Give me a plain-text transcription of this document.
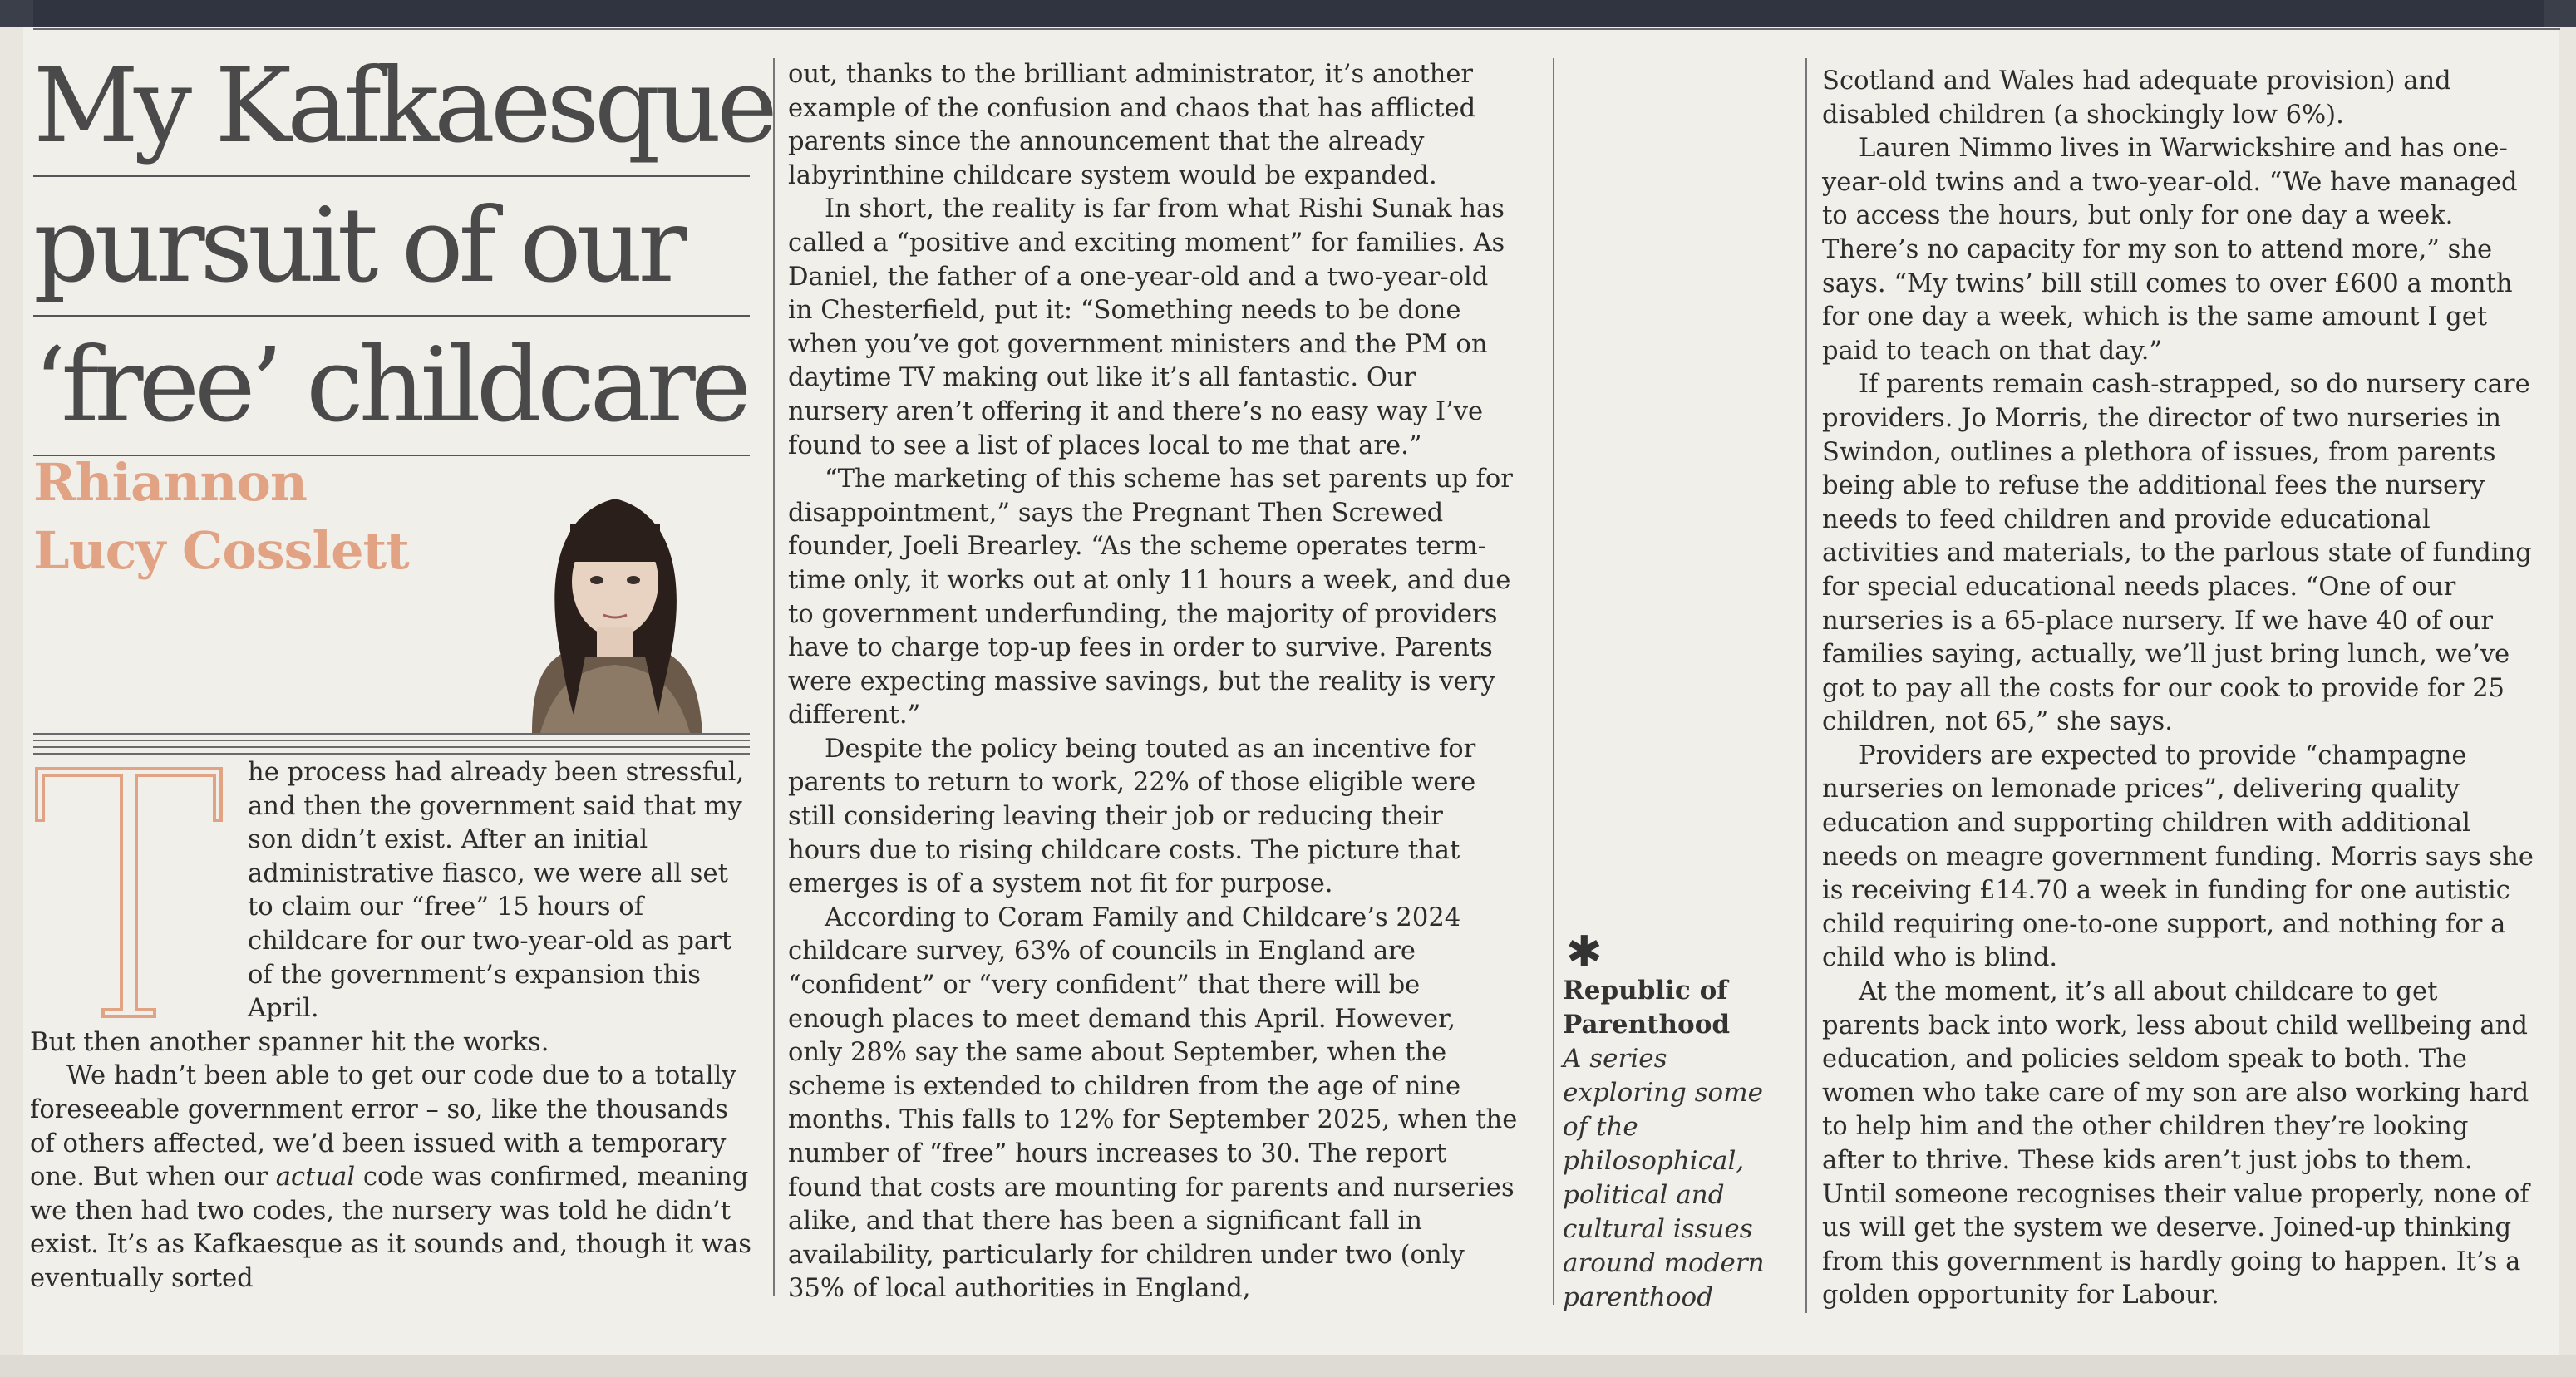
My Kafkaesque
pursuit of our
‘free’ childcare
Rhiannon
Lucy Cosslett

he process had already been stressful, and then the government said that my son didn’t exist. After an initial administrative fiasco, we were all set to claim our “free” 15 hours of childcare for our two-year-old as part of the government’s expansion this April.

But then another spanner hit the works.

We hadn’t been able to get our code due to a totally foreseeable government error – so, like the thousands of others affected, we’d been issued with a temporary one. But when our actual code was confirmed, meaning we then had two codes, the nursery was told he didn’t exist. It’s as Kafkaesque as it sounds and, though it was eventually sorted

out, thanks to the brilliant administrator, it’s another example of the confusion and chaos that has afflicted parents since the announcement that the already labyrinthine childcare system would be expanded.

In short, the reality is far from what Rishi Sunak has called a “positive and exciting moment” for families. As Daniel, the father of a one-year-old and a two-year-old in Chesterfield, put it: “Something needs to be done when you’ve got government ministers and the PM on daytime TV making out like it’s all fantastic. Our nursery aren’t offering it and there’s no easy way I’ve found to see a list of places local to me that are.”

“The marketing of this scheme has set parents up for disappointment,” says the Pregnant Then Screwed founder, Joeli Brearley. “As the scheme operates term-time only, it works out at only 11 hours a week, and due to government underfunding, the majority of providers have to charge top-up fees in order to survive. Parents were expecting massive savings, but the reality is very different.”

Despite the policy being touted as an incentive for parents to return to work, 22% of those eligible were still considering leaving their job or reducing their hours due to rising childcare costs. The picture that emerges is of a system not fit for purpose.

According to Coram Family and Childcare’s 2024 childcare survey, 63% of councils in England are “confident” or “very confident” that there will be enough places to meet demand this April. However, only 28% say the same about September, when the scheme is extended to children from the age of nine months. This falls to 12% for September 2025, when the number of “free” hours increases to 30. The report found that costs are mounting for parents and nurseries alike, and that there has been a significant fall in availability, particularly for children under two (only 35% of local authorities in England,

✱
Republic of Parenthood
A series exploring some of the philosophical, political and cultural issues around modern parenthood

Scotland and Wales had adequate provision) and disabled children (a shockingly low 6%).

Lauren Nimmo lives in Warwickshire and has one-year-old twins and a two-year-old. “We have managed to access the hours, but only for one day a week. There’s no capacity for my son to attend more,” she says. “My twins’ bill still comes to over £600 a month for one day a week, which is the same amount I get paid to teach on that day.”

If parents remain cash-strapped, so do nursery care providers. Jo Morris, the director of two nurseries in Swindon, outlines a plethora of issues, from parents being able to refuse the additional fees the nursery needs to feed children and provide educational activities and materials, to the parlous state of funding for special educational needs places. “One of our nurseries is a 65-place nursery. If we have 40 of our families saying, actually, we’ll just bring lunch, we’ve got to pay all the costs for our cook to provide for 25 children, not 65,” she says.

Providers are expected to provide “champagne nurseries on lemonade prices”, delivering quality education and supporting children with additional needs on meagre government funding. Morris says she is receiving £14.70 a week in funding for one autistic child requiring one-to-one support, and nothing for a child who is blind.

At the moment, it’s all about childcare to get parents back into work, less about child wellbeing and education, and policies seldom speak to both. The women who take care of my son are also working hard to help him and the other children they’re looking after to thrive. These kids aren’t just jobs to them. Until someone recognises their value properly, none of us will get the system we deserve. Joined-up thinking from this government is hardly going to happen. It’s a golden opportunity for Labour.
